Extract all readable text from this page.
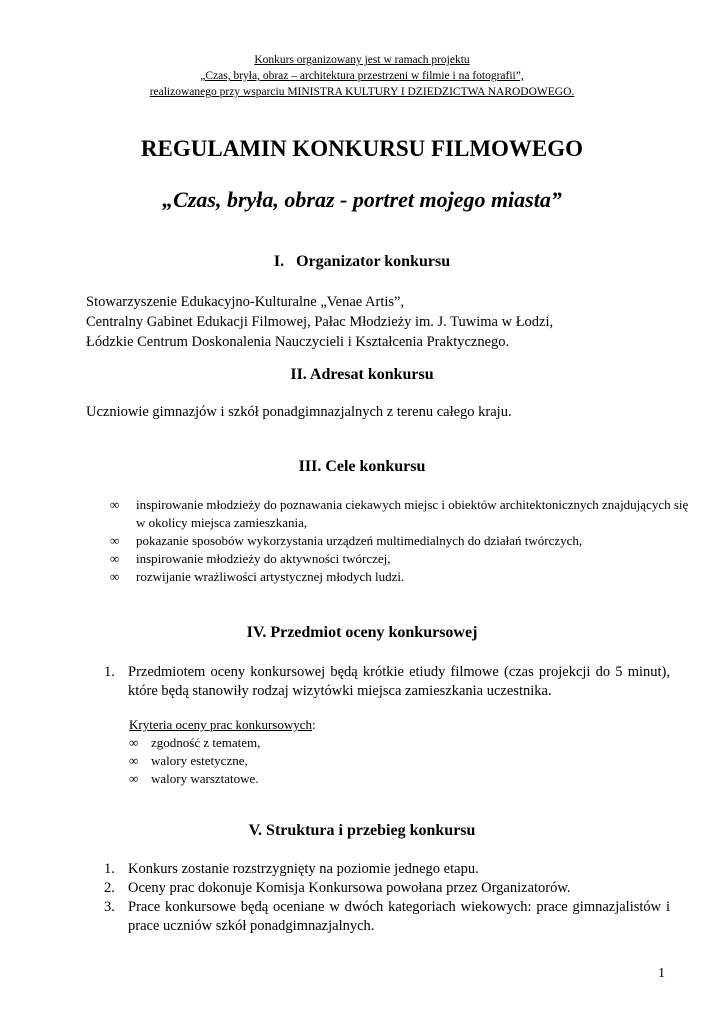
Konkurs organizowany jest w ramach projektu
„Czas, bryła, obraz – architektura przestrzeni w filmie i na fotografii”,
realizowanego przy wsparciu MINISTRA KULTURY I DZIEDZICTWA NARODOWEGO.
REGULAMIN KONKURSU FILMOWEGO
„Czas, bryła, obraz - portret mojego miasta”
I.   Organizator konkursu
Stowarzyszenie Edukacyjno-Kulturalne „Venae Artis”,
Centralny Gabinet Edukacji Filmowej, Pałac Młodzieży im. J. Tuwima w Łodzi,
Łódzkie Centrum Doskonalenia Nauczycieli i Kształcenia Praktycznego.
II. Adresat konkursu
Uczniowie gimnazjów i szkół ponadgimnazjalnych z terenu całego kraju.
III. Cele konkursu
∞ inspirowanie młodzieży do poznawania ciekawych miejsc i obiektów architektonicznych znajdujących się w okolicy miejsca zamieszkania,
∞ pokazanie sposobów wykorzystania urządzeń multimedialnych do działań twórczych,
∞ inspirowanie młodzieży do aktywności twórczej,
∞ rozwijanie wrażliwości artystycznej młodych ludzi.
IV. Przedmiot oceny konkursowej
1. Przedmiotem oceny konkursowej będą krótkie etiudy filmowe (czas projekcji do 5 minut), które będą stanowiły rodzaj wizytówki miejsca zamieszkania uczestnika.
Kryteria oceny prac konkursowych:
∞ zgodność z tematem,
∞ walory estetyczne,
∞ walory warsztatowe.
V. Struktura i przebieg konkursu
1. Konkurs zostanie rozstrzygnięty na poziomie jednego etapu.
2. Oceny prac dokonuje Komisja Konkursowa powołana przez Organizatorów.
3. Prace konkursowe będą oceniane w dwóch kategoriach wiekowych: prace gimnazjalistów i prace uczniów szkół ponadgimnazjalnych.
1
